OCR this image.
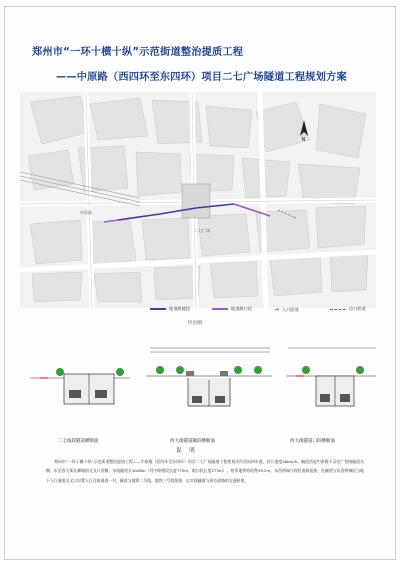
郑州市“一环十横十纵”示范街道整治提质工程
——中原路（西四环至东四环）项目二七广场隧道工程规划方案
中原路
二七广场
N
地道敞楼段	地道敞口段	→ 入口匝道	出口匝道
区位图
二七线段隧道横断面	西大街隧道敞段横断面	西大街隧道口段横断面
说 明
郑州市“一环十横十纵”示范街道整治提质工程——中原路（西四环至东四环）项目二七广场隧道工程规划采用双向四车道，设计速度40km/h。隧道西起中原路下穿京广铁路隧道东侧，东至西大街北峰城南交叉口西侧，东线隧道长1048m（其中暗埋段长度775m，敞口段长度273m），相邻地铁构筑物19.2m，东西两端与现状道路衔接，在隧道与东西两端段与地下人行通道交叉口设置人行过街通道一对，隧道与地铁二号线、地铁三号线衔接，以实现隧道与周边道路的交通转换。
